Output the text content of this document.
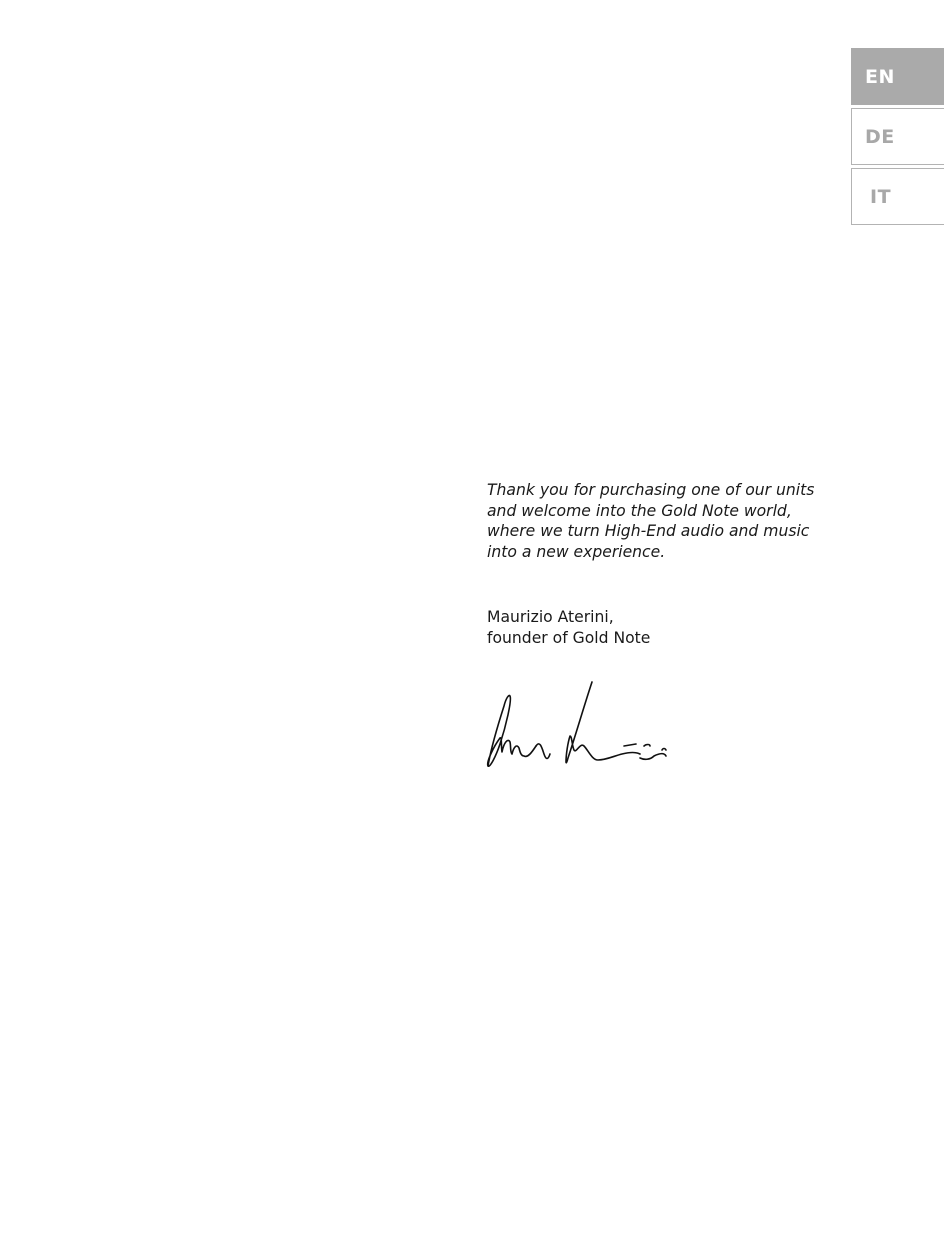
EN
DE
IT

Thank you for purchasing one of our units
and welcome into the Gold Note world,
where we turn High-End audio and music
into a new experience.

Maurizio Aterini,
founder of Gold Note
